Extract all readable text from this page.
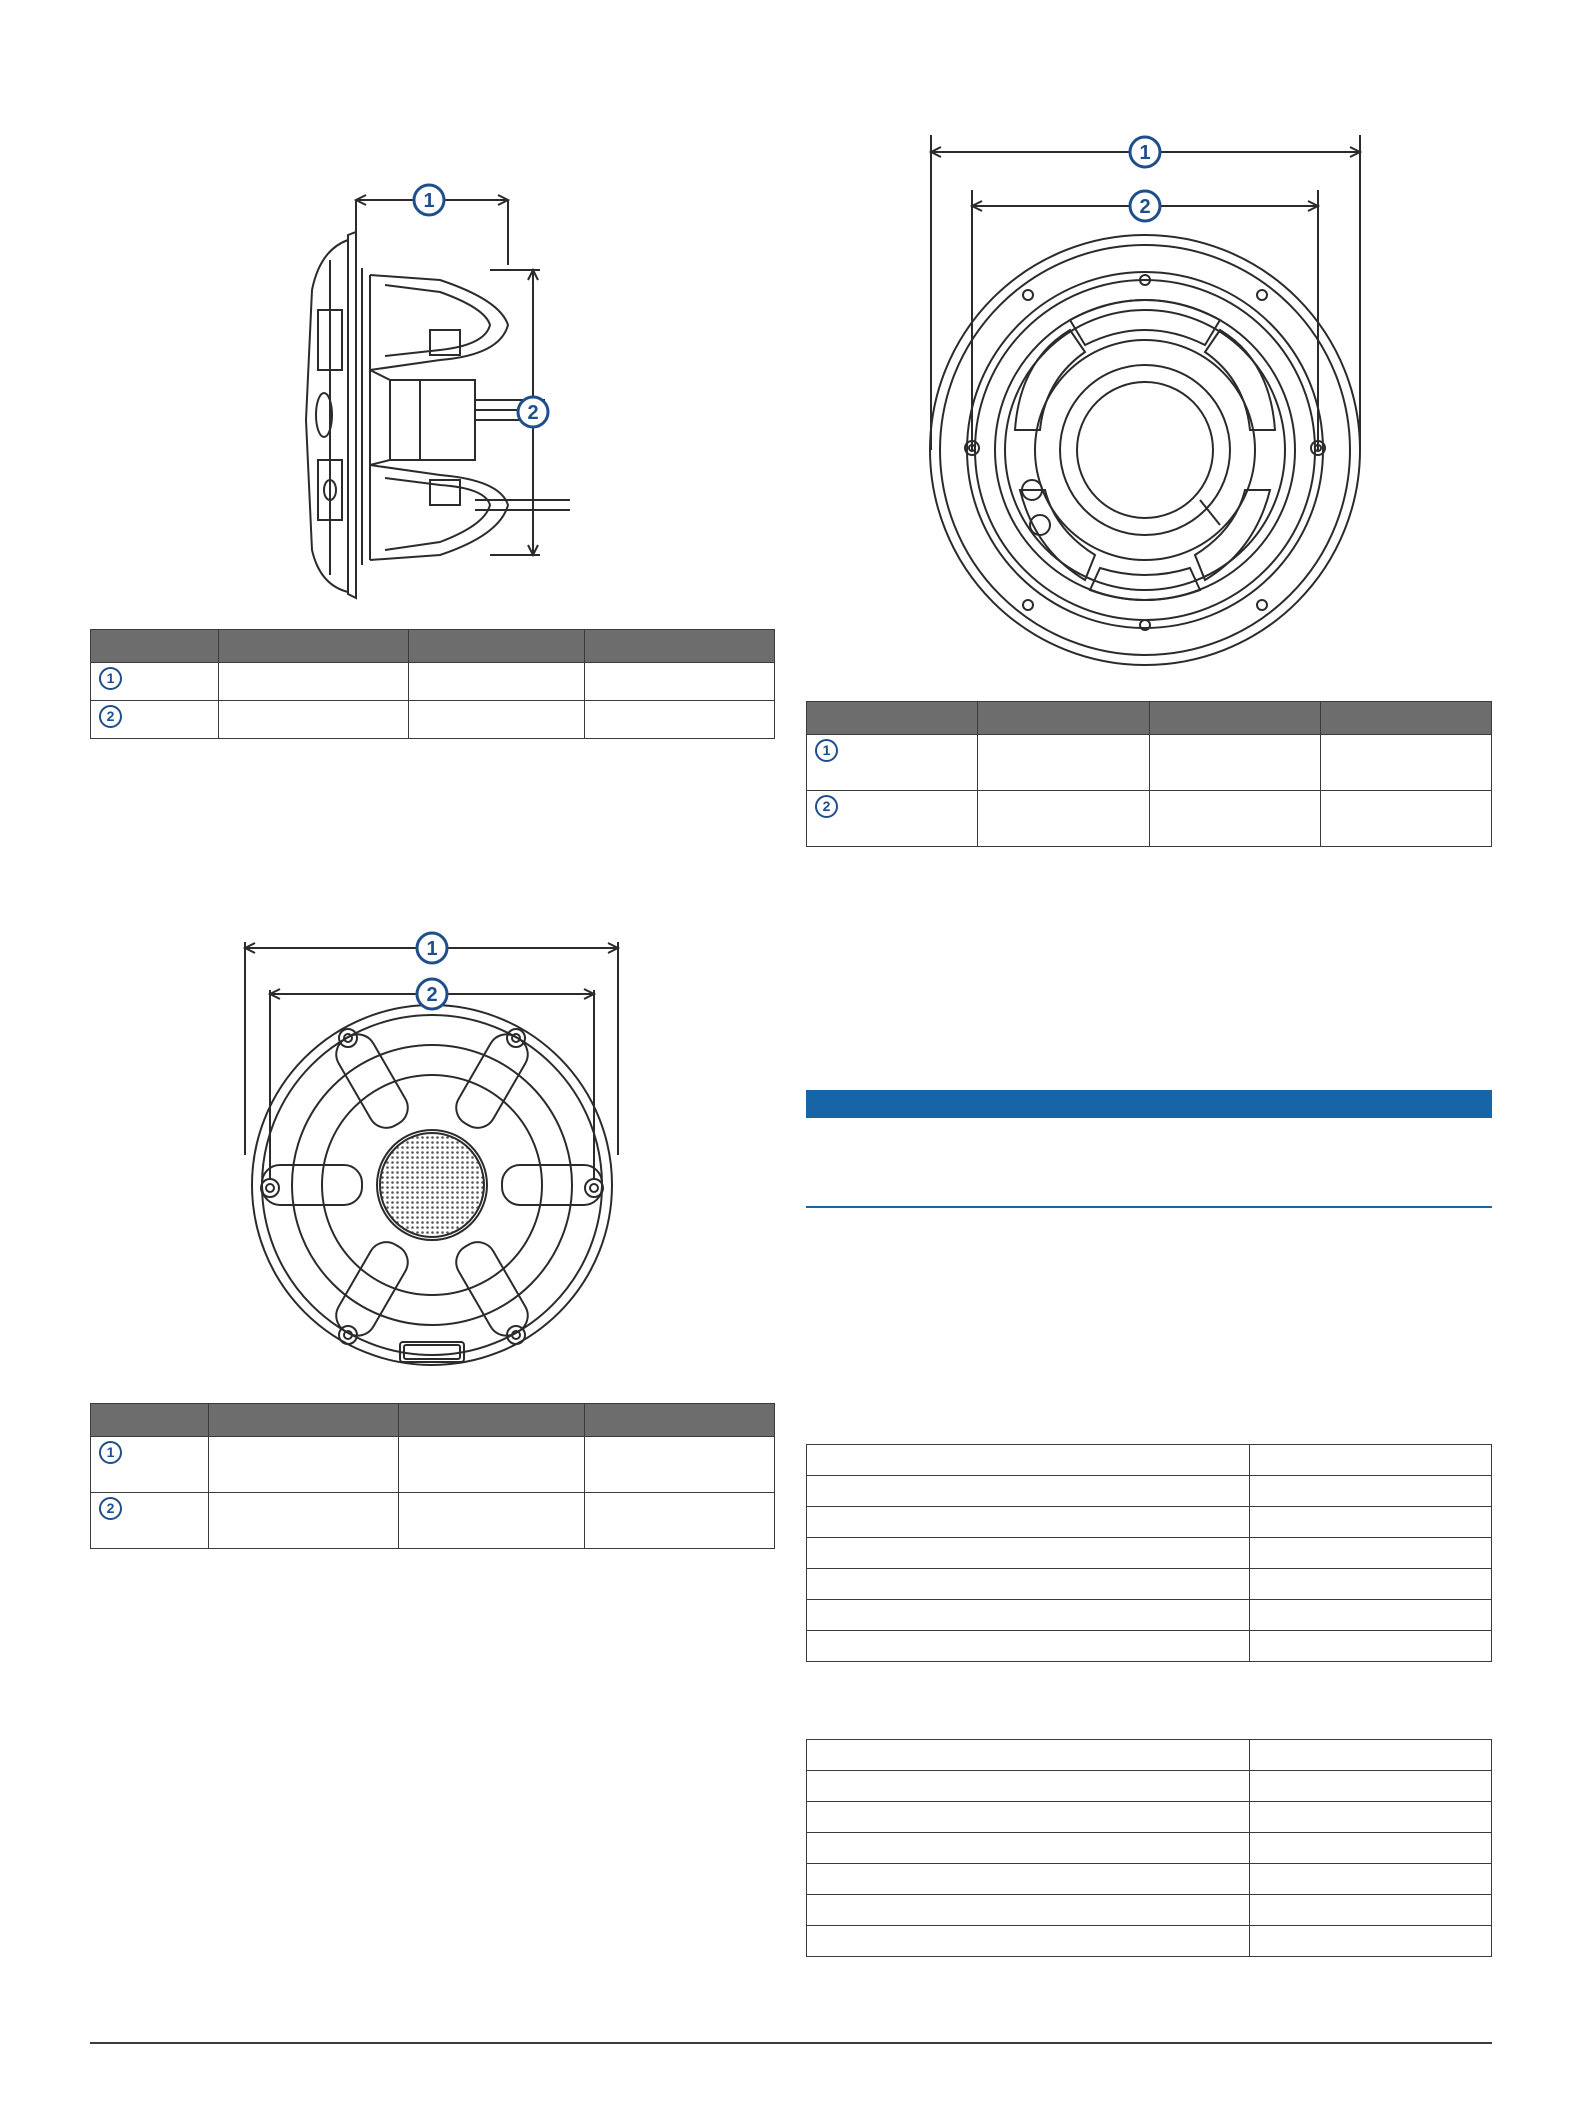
1
2

1			
2			
1
2

1			
2			
1
2

1			
2			
